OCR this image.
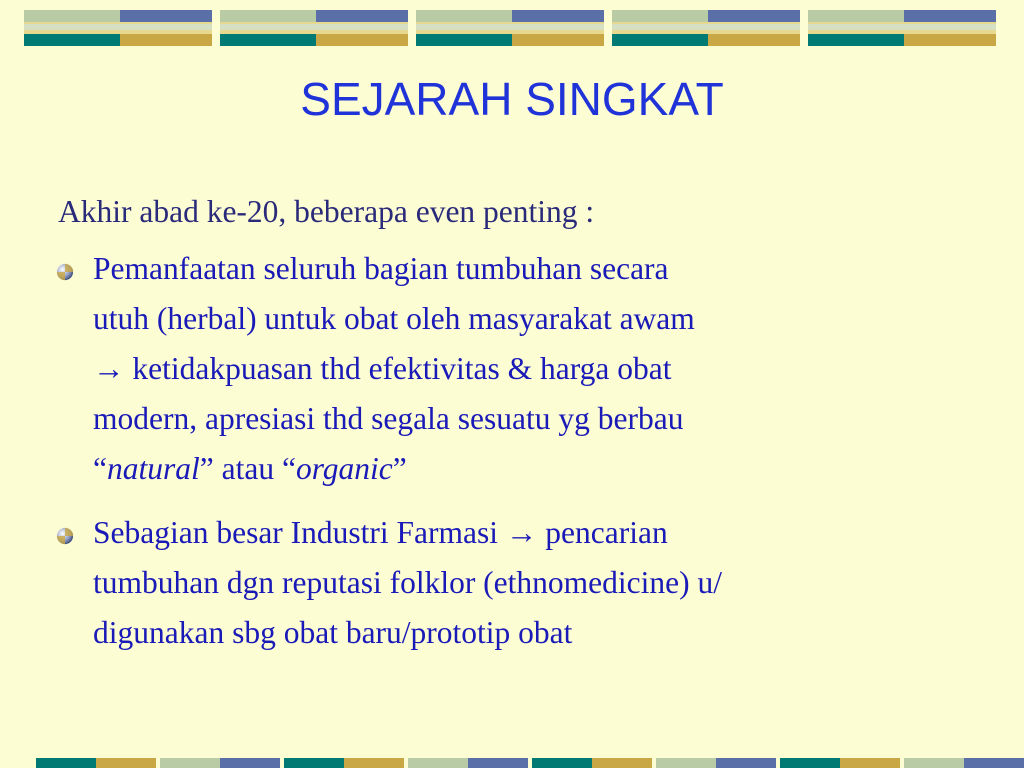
SEJARAH SINGKAT

Akhir abad ke-20, beberapa even penting :

Pemanfaatan seluruh bagian tumbuhan secara
utuh (herbal) untuk obat oleh masyarakat awam
→ ketidakpuasan thd efektivitas & harga obat
modern, apresiasi thd segala sesuatu yg berbau
“natural” atau “organic”
Sebagian besar Industri Farmasi → pencarian
tumbuhan dgn reputasi folklor (ethnomedicine) u/
digunakan sbg obat baru/prototip obat
